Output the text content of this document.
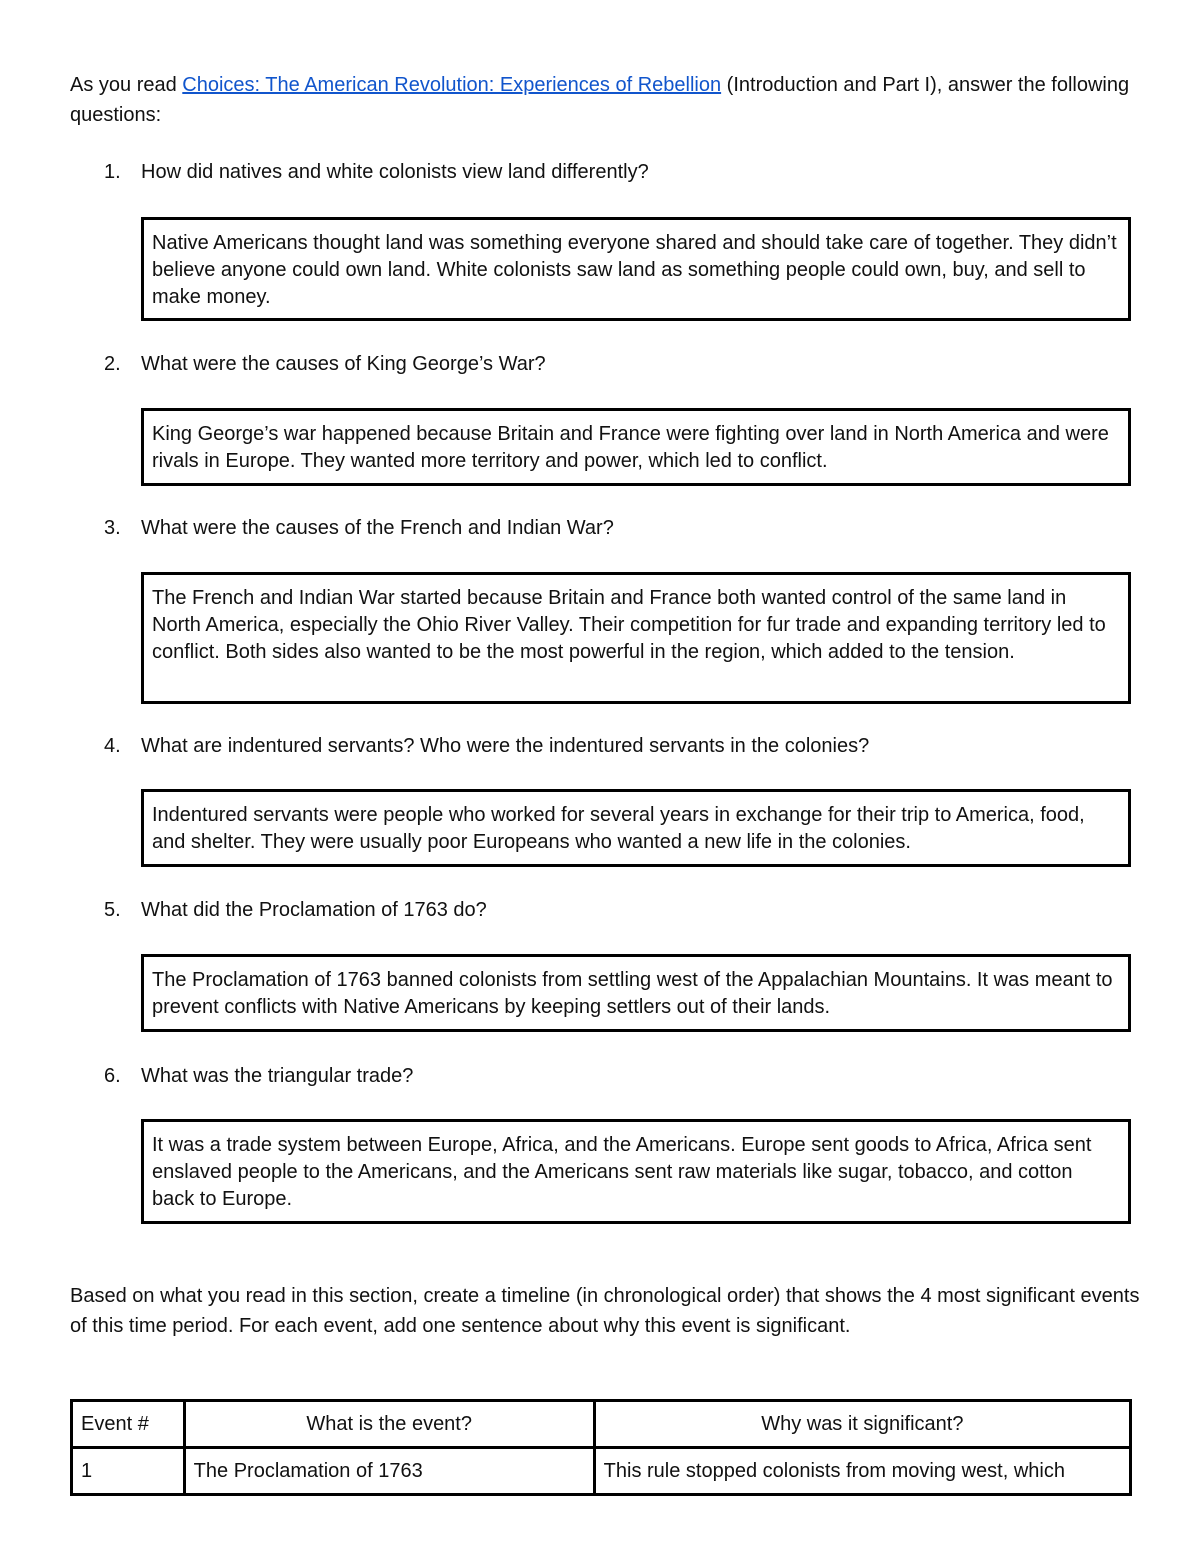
As you read Choices: The American Revolution: Experiences of Rebellion (Introduction and Part I), answer the following questions:

1. How did natives and white colonists view land differently?
Native Americans thought land was something everyone shared and should take care of together. They didn’t believe anyone could own land. White colonists saw land as something people could own, buy, and sell to make money.
2. What were the causes of King George’s War?
King George’s war happened because Britain and France were fighting over land in North America and were rivals in Europe. They wanted more territory and power, which led to conflict.
3. What were the causes of the French and Indian War?
The French and Indian War started because Britain and France both wanted control of the same land in North America, especially the Ohio River Valley. Their competition for fur trade and expanding territory led to conflict. Both sides also wanted to be the most powerful in the region, which added to the tension.
4. What are indentured servants? Who were the indentured servants in the colonies?
Indentured servants were people who worked for several years in exchange for their trip to America, food, and shelter. They were usually poor Europeans who wanted a new life in the colonies.
5. What did the Proclamation of 1763 do?
The Proclamation of 1763 banned colonists from settling west of the Appalachian Mountains. It was meant to prevent conflicts with Native Americans by keeping settlers out of their lands.
6. What was the triangular trade?
It was a trade system between Europe, Africa, and the Americans. Europe sent goods to Africa, Africa sent enslaved people to the Americans, and the Americans sent raw materials like sugar, tobacco, and cotton back to Europe.

Based on what you read in this section, create a timeline (in chronological order) that shows the 4 most significant events of this time period. For each event, add one sentence about why this event is significant.

Event #	What is the event?	Why was it significant?
1	The Proclamation of 1763	This rule stopped colonists from moving west, which
